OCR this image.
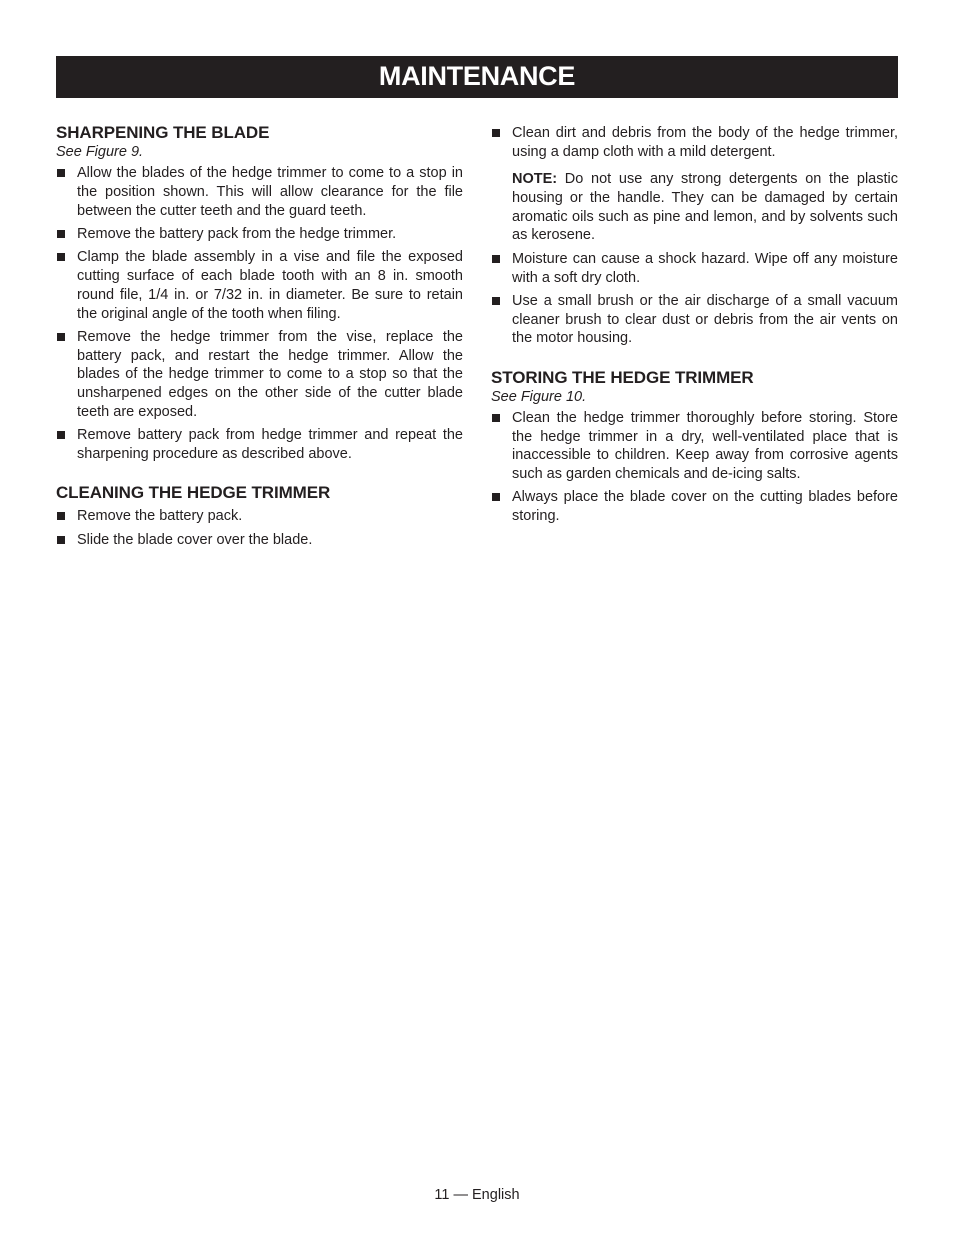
MAINTENANCE
SHARPENING THE BLADE

See Figure 9.

Allow the blades of the hedge trimmer to come to a stop in the position shown. This will allow clearance for the file between the cutter teeth and the guard teeth.
Remove the battery pack from the hedge trimmer.
Clamp the blade assembly in a vise and file the exposed cutting surface of each blade tooth with an 8 in. smooth round file, 1/4 in. or 7/32 in. in diameter. Be sure to retain the original angle of the tooth when filing.
Remove the hedge trimmer from the vise, replace the battery pack, and restart the hedge trimmer. Allow the blades of the hedge trimmer to come to a stop so that the unsharpened edges on the other side of the cutter blade teeth are exposed.
Remove battery pack from hedge trimmer and repeat the sharpening procedure as described above.
CLEANING THE HEDGE TRIMMER
Remove the battery pack.
Slide the blade cover over the blade.
Clean dirt and debris from the body of the hedge trimmer, using a damp cloth with a mild detergent.

NOTE: Do not use any strong detergents on the plastic housing or the handle. They can be damaged by certain aromatic oils such as pine and lemon, and by solvents such as kerosene.

Moisture can cause a shock hazard. Wipe off any moisture with a soft dry cloth.
Use a small brush or the air discharge of a small vacuum cleaner brush to clear dust or debris from the air vents on the motor housing.
STORING THE HEDGE TRIMMER

See Figure 10.

Clean the hedge trimmer thoroughly before storing. Store the hedge trimmer in a dry, well-ventilated place that is inaccessible to children. Keep away from corrosive agents such as garden chemicals and de-icing salts.
Always place the blade cover on the cutting blades before storing.
11 — English
